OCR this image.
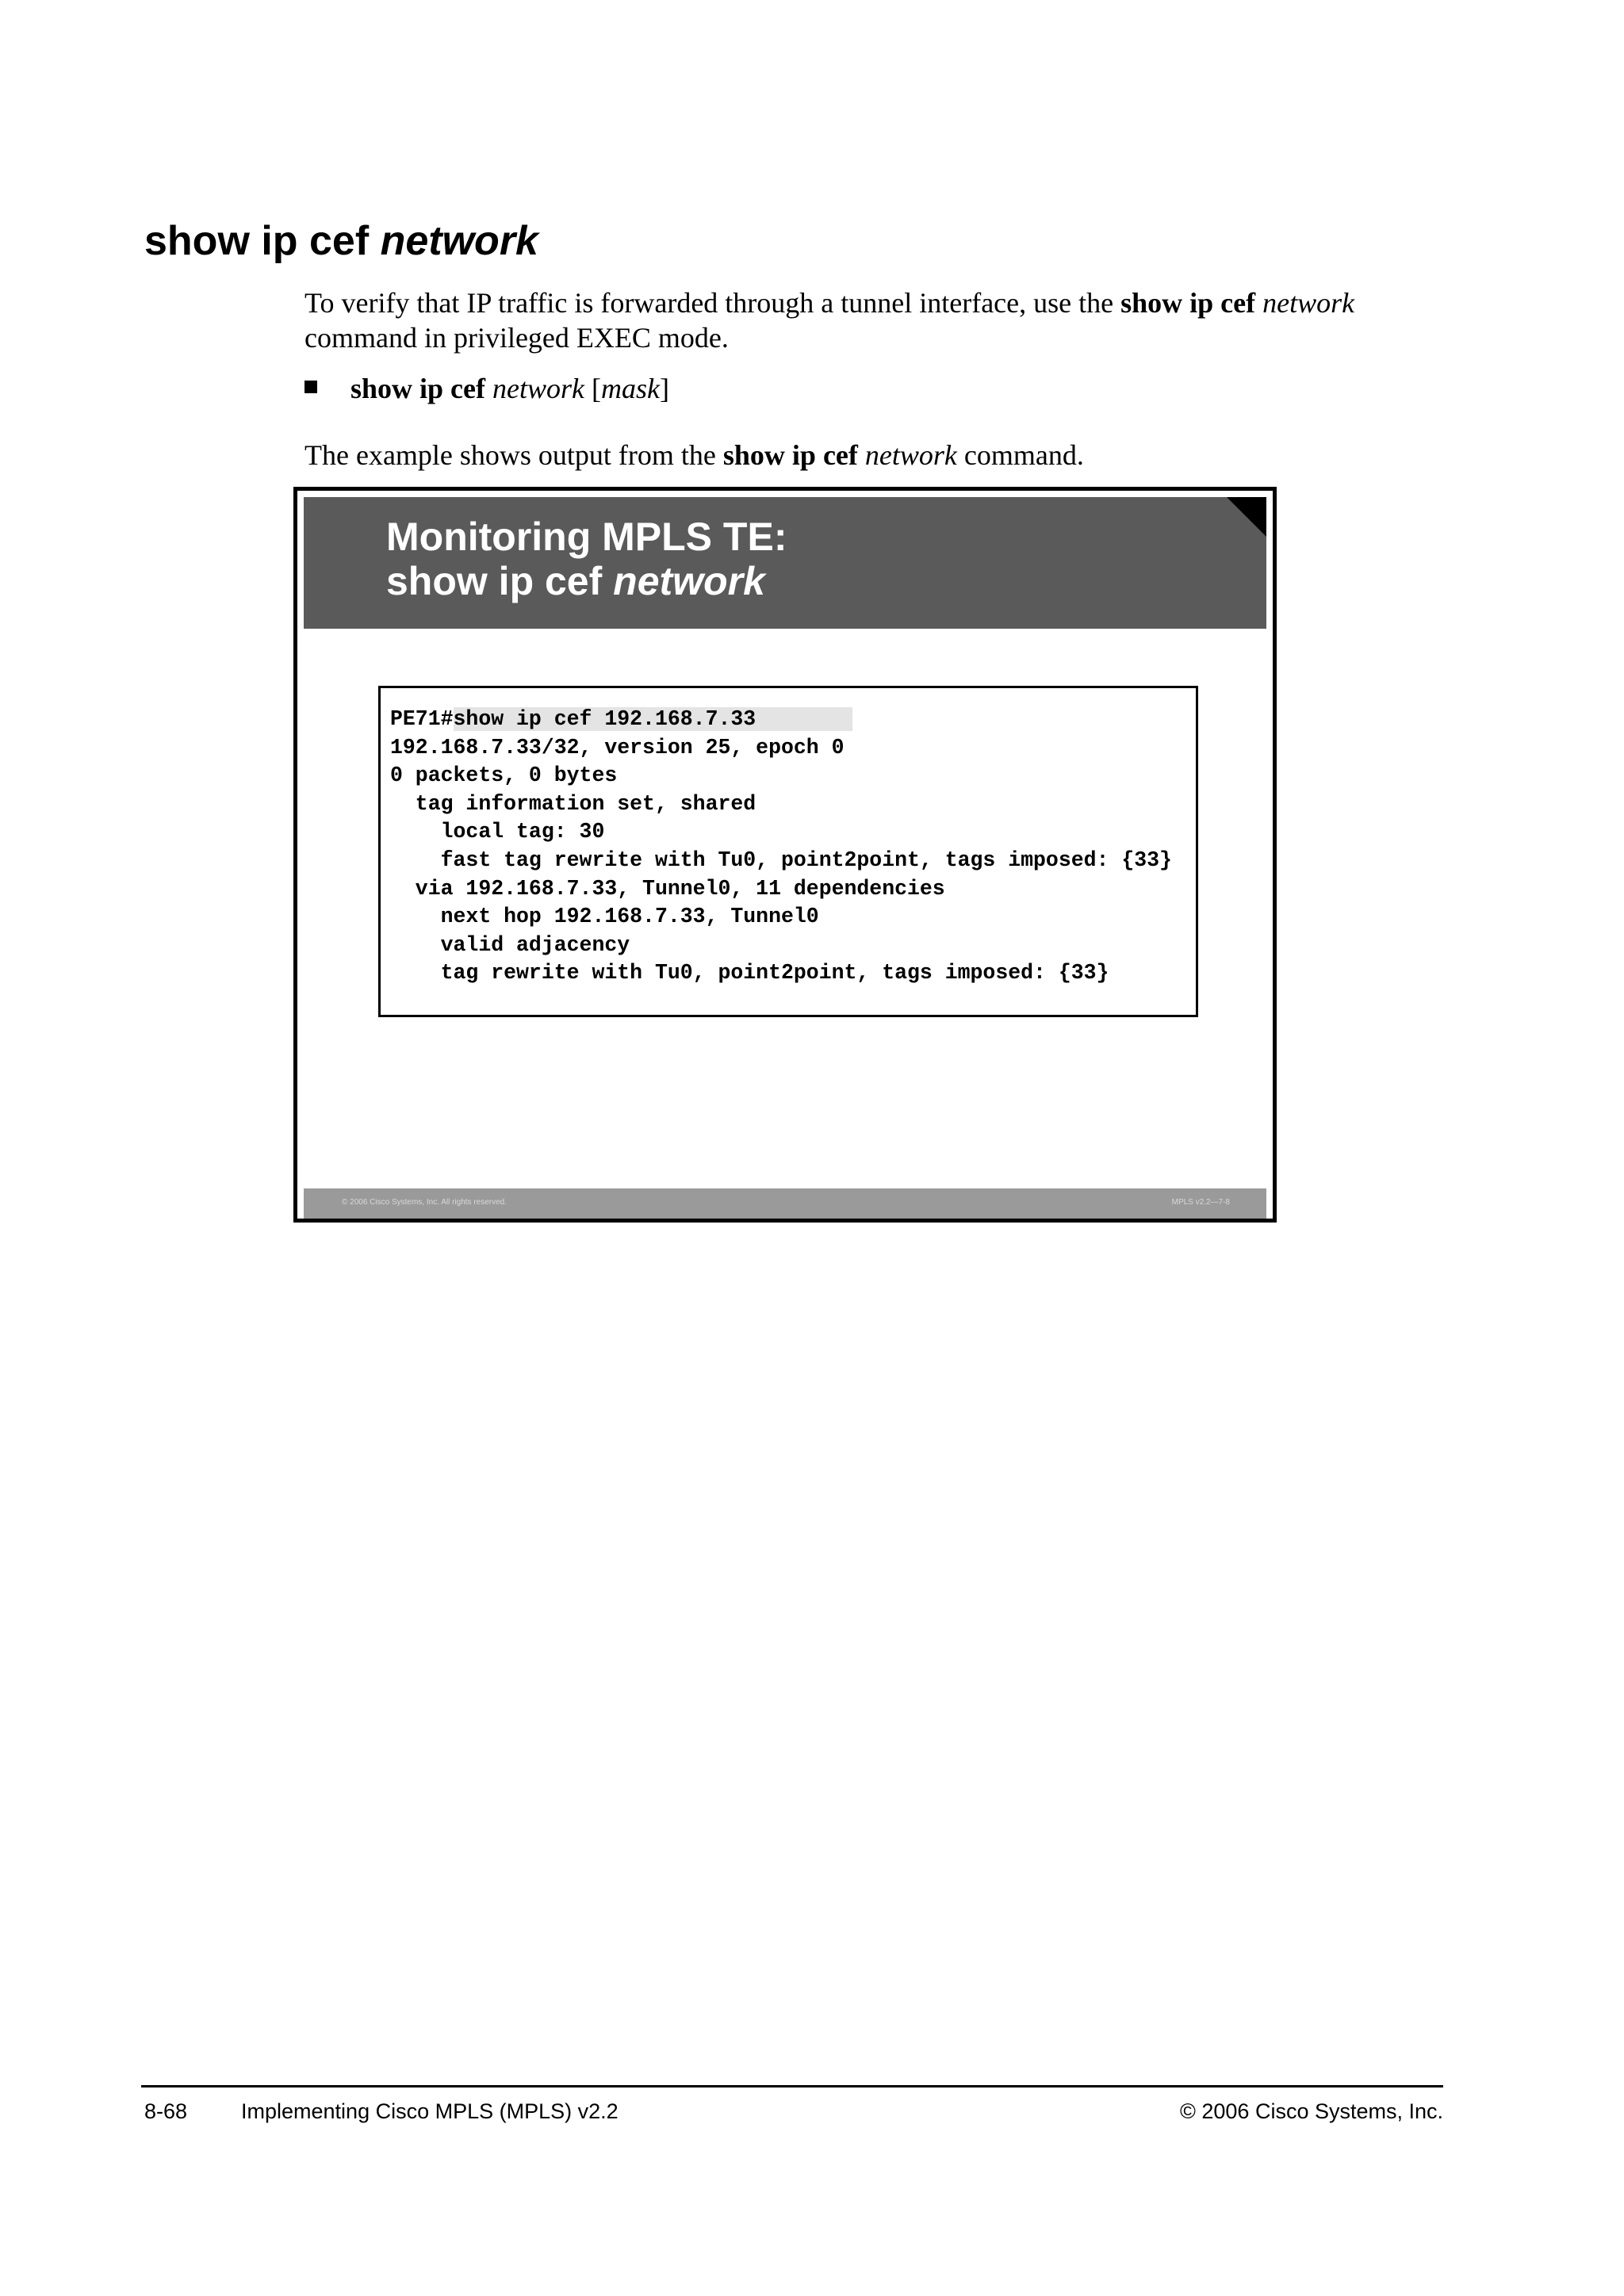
show ip cef network
To verify that IP traffic is forwarded through a tunnel interface, use the show ip cef network command in privileged EXEC mode.
show ip cef network [mask]
The example shows output from the show ip cef network command.
Monitoring MPLS TE:
show ip cef network
PE71#show ip cef 192.168.7.33
192.168.7.33/32, version 25, epoch 0
0 packets, 0 bytes
tag information set, shared
local tag: 30
fast tag rewrite with Tu0, point2point, tags imposed: {33}
via 192.168.7.33, Tunnel0, 11 dependencies
next hop 192.168.7.33, Tunnel0
valid adjacency
tag rewrite with Tu0, point2point, tags imposed: {33}
© 2006 Cisco Systems, Inc. All rights reserved.	MPLS v2.2—7-8
8-68	Implementing Cisco MPLS (MPLS) v2.2	© 2006 Cisco Systems, Inc.
